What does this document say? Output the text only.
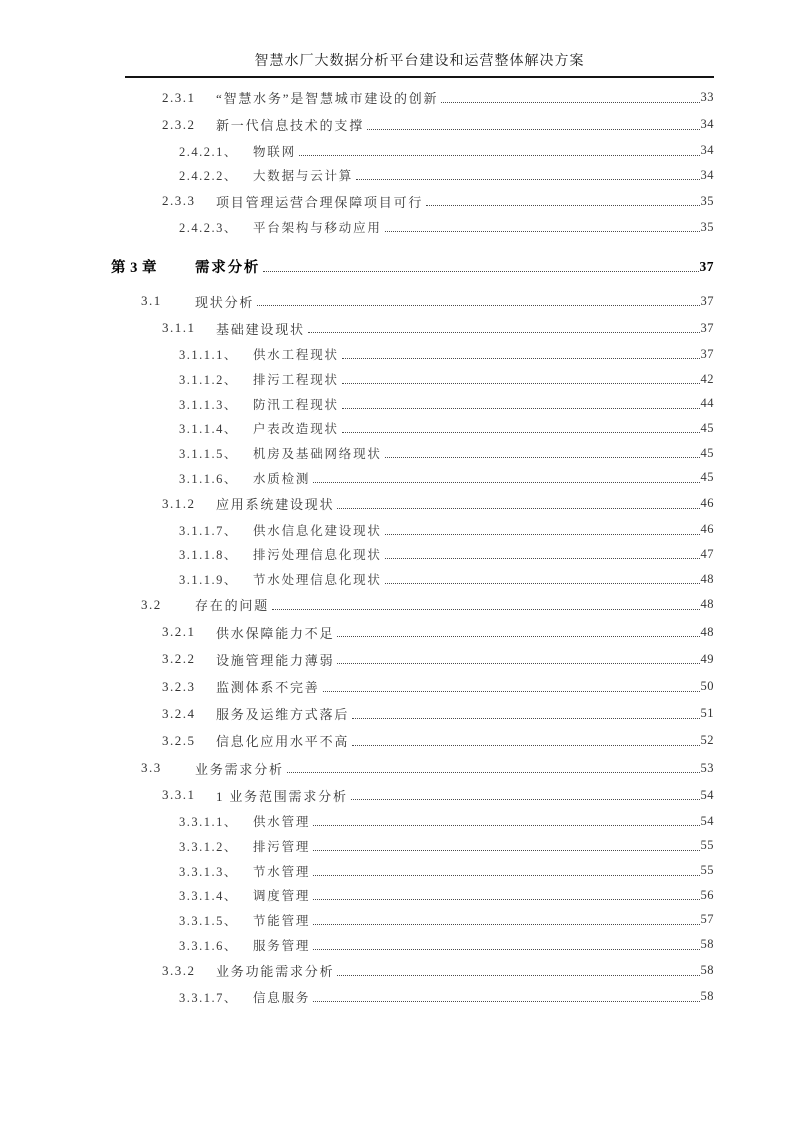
智慧水厂大数据分析平台建设和运营整体解决方案
2.3.1	“智慧水务”是智慧城市建设的创新	33
2.3.2	新一代信息技术的支撑	34
2.4.2.1、	物联网	34
2.4.2.2、	大数据与云计算	34
2.3.3	项目管理运营合理保障项目可行	35
2.4.2.3、	平台架构与移动应用	35
第 3 章	需求分析	37
3.1	现状分析	37
3.1.1	基础建设现状	37
3.1.1.1、	供水工程现状	37
3.1.1.2、	排污工程现状	42
3.1.1.3、	防汛工程现状	44
3.1.1.4、	户表改造现状	45
3.1.1.5、	机房及基础网络现状	45
3.1.1.6、	水质检测	45
3.1.2	应用系统建设现状	46
3.1.1.7、	供水信息化建设现状	46
3.1.1.8、	排污处理信息化现状	47
3.1.1.9、	节水处理信息化现状	48
3.2	存在的问题	48
3.2.1	供水保障能力不足	48
3.2.2	设施管理能力薄弱	49
3.2.3	监测体系不完善	50
3.2.4	服务及运维方式落后	51
3.2.5	信息化应用水平不高	52
3.3	业务需求分析	53
3.3.1	1 业务范围需求分析	54
3.3.1.1、	供水管理	54
3.3.1.2、	排污管理	55
3.3.1.3、	节水管理	55
3.3.1.4、	调度管理	56
3.3.1.5、	节能管理	57
3.3.1.6、	服务管理	58
3.3.2	业务功能需求分析	58
3.3.1.7、	信息服务	58
